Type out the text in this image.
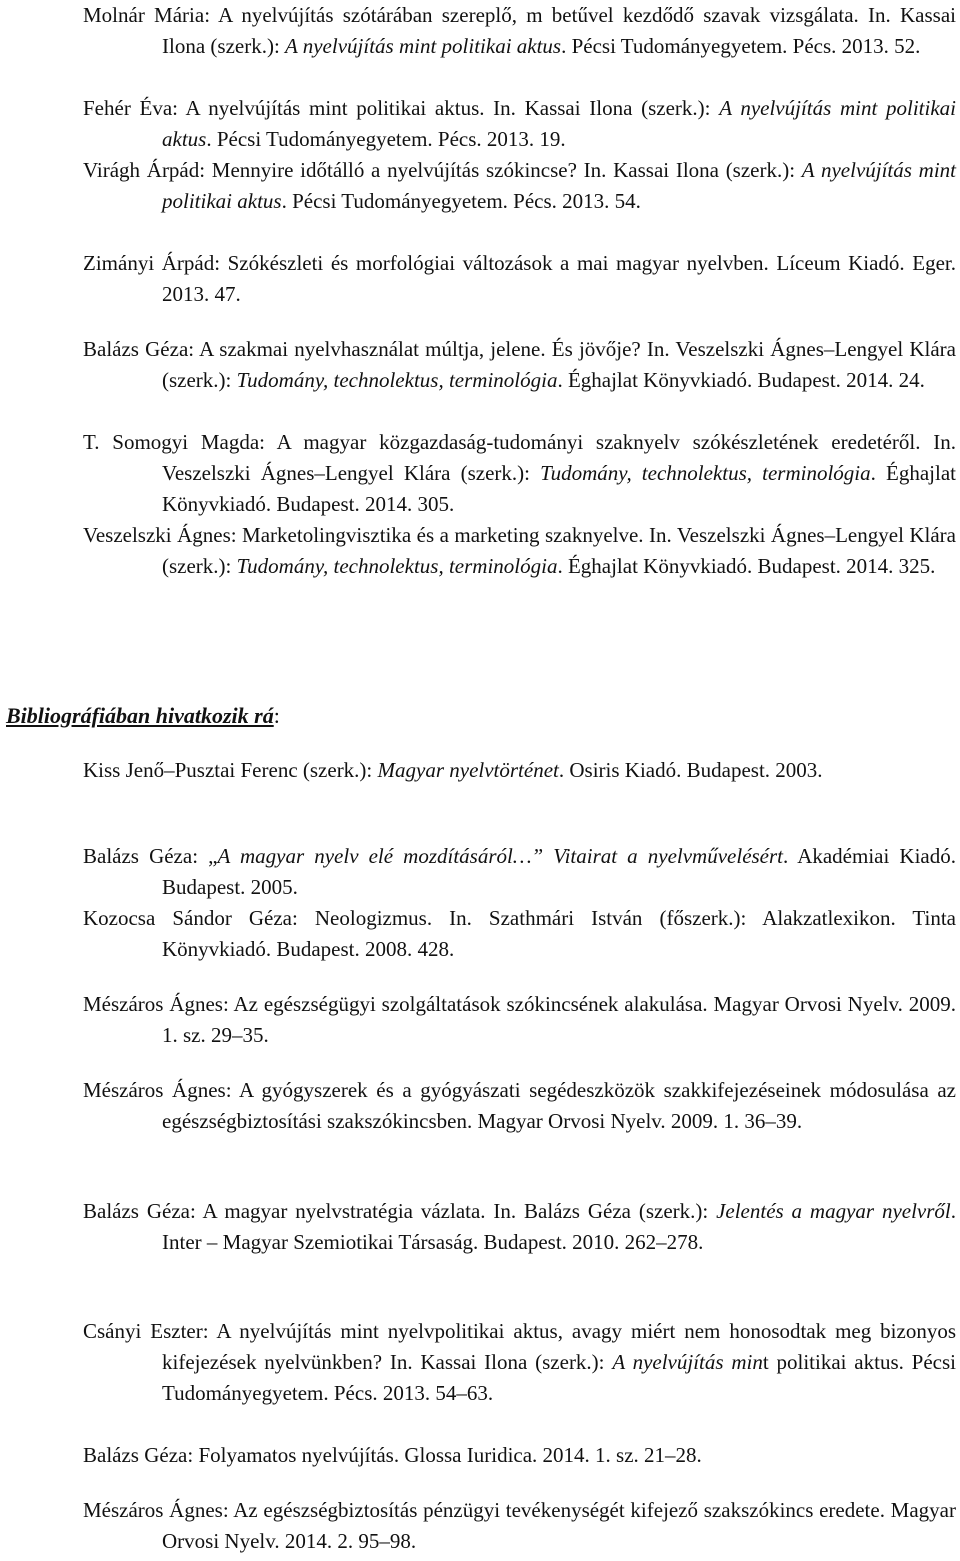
Molnár Mária: A nyelvújítás szótárában szereplő, m betűvel kezdődő szavak vizsgálata. In. Kassai Ilona (szerk.): A nyelvújítás mint politikai aktus. Pécsi Tudományegyetem. Pécs. 2013. 52.

Fehér Éva: A nyelvújítás mint politikai aktus. In. Kassai Ilona (szerk.): A nyelvújítás mint politikai aktus. Pécsi Tudományegyetem. Pécs. 2013. 19.

Virágh Árpád: Mennyire időtálló a nyelvújítás szókincse? In. Kassai Ilona (szerk.): A nyelvújítás mint politikai aktus. Pécsi Tudományegyetem. Pécs. 2013. 54.

Zimányi Árpád: Szókészleti és morfológiai változások a mai magyar nyelvben. Líceum Kiadó. Eger. 2013. 47.

Balázs Géza: A szakmai nyelvhasználat múltja, jelene. És jövője? In. Veszelszki Ágnes–Lengyel Klára (szerk.): Tudomány, technolektus, terminológia. Éghajlat Könyvkiadó. Budapest. 2014. 24.

T. Somogyi Magda: A magyar közgazdaság-tudományi szaknyelv szókészletének eredetéről. In. Veszelszki Ágnes–Lengyel Klára (szerk.): Tudomány, technolektus, terminológia. Éghajlat Könyvkiadó. Budapest. 2014. 305.

Veszelszki Ágnes: Marketolingvisztika és a marketing szaknyelve. In. Veszelszki Ágnes–Lengyel Klára (szerk.): Tudomány, technolektus, terminológia. Éghajlat Könyvkiadó. Budapest. 2014. 325.

Bibliográfiában hivatkozik rá:

Kiss Jenő–Pusztai Ferenc (szerk.): Magyar nyelvtörténet. Osiris Kiadó. Budapest. 2003.

Balázs Géza: „A magyar nyelv elé mozdításáról…” Vitairat a nyelvművelésért. Akadémiai Kiadó. Budapest. 2005.

Kozocsa Sándor Géza: Neologizmus. In. Szathmári István (főszerk.): Alakzatlexikon. Tinta Könyvkiadó. Budapest. 2008. 428.

Mészáros Ágnes: Az egészségügyi szolgáltatások szókincsének alakulása. Magyar Orvosi Nyelv. 2009. 1. sz. 29–35.

Mészáros Ágnes: A gyógyszerek és a gyógyászati segédeszközök szakkifejezéseinek módosulása az egészségbiztosítási szakszókincsben. Magyar Orvosi Nyelv. 2009. 1. 36–39.

Balázs Géza: A magyar nyelvstratégia vázlata. In. Balázs Géza (szerk.): Jelentés a magyar nyelvről. Inter – Magyar Szemiotikai Társaság. Budapest. 2010. 262–278.

Csányi Eszter: A nyelvújítás mint nyelvpolitikai aktus, avagy miért nem honosodtak meg bizonyos kifejezések nyelvünkben? In. Kassai Ilona (szerk.): A nyelvújítás mint politikai aktus. Pécsi Tudományegyetem. Pécs. 2013. 54–63.

Balázs Géza: Folyamatos nyelvújítás. Glossa Iuridica. 2014. 1. sz. 21–28.

Mészáros Ágnes: Az egészségbiztosítás pénzügyi tevékenységét kifejező szakszókincs eredete. Magyar Orvosi Nyelv. 2014. 2. 95–98.
